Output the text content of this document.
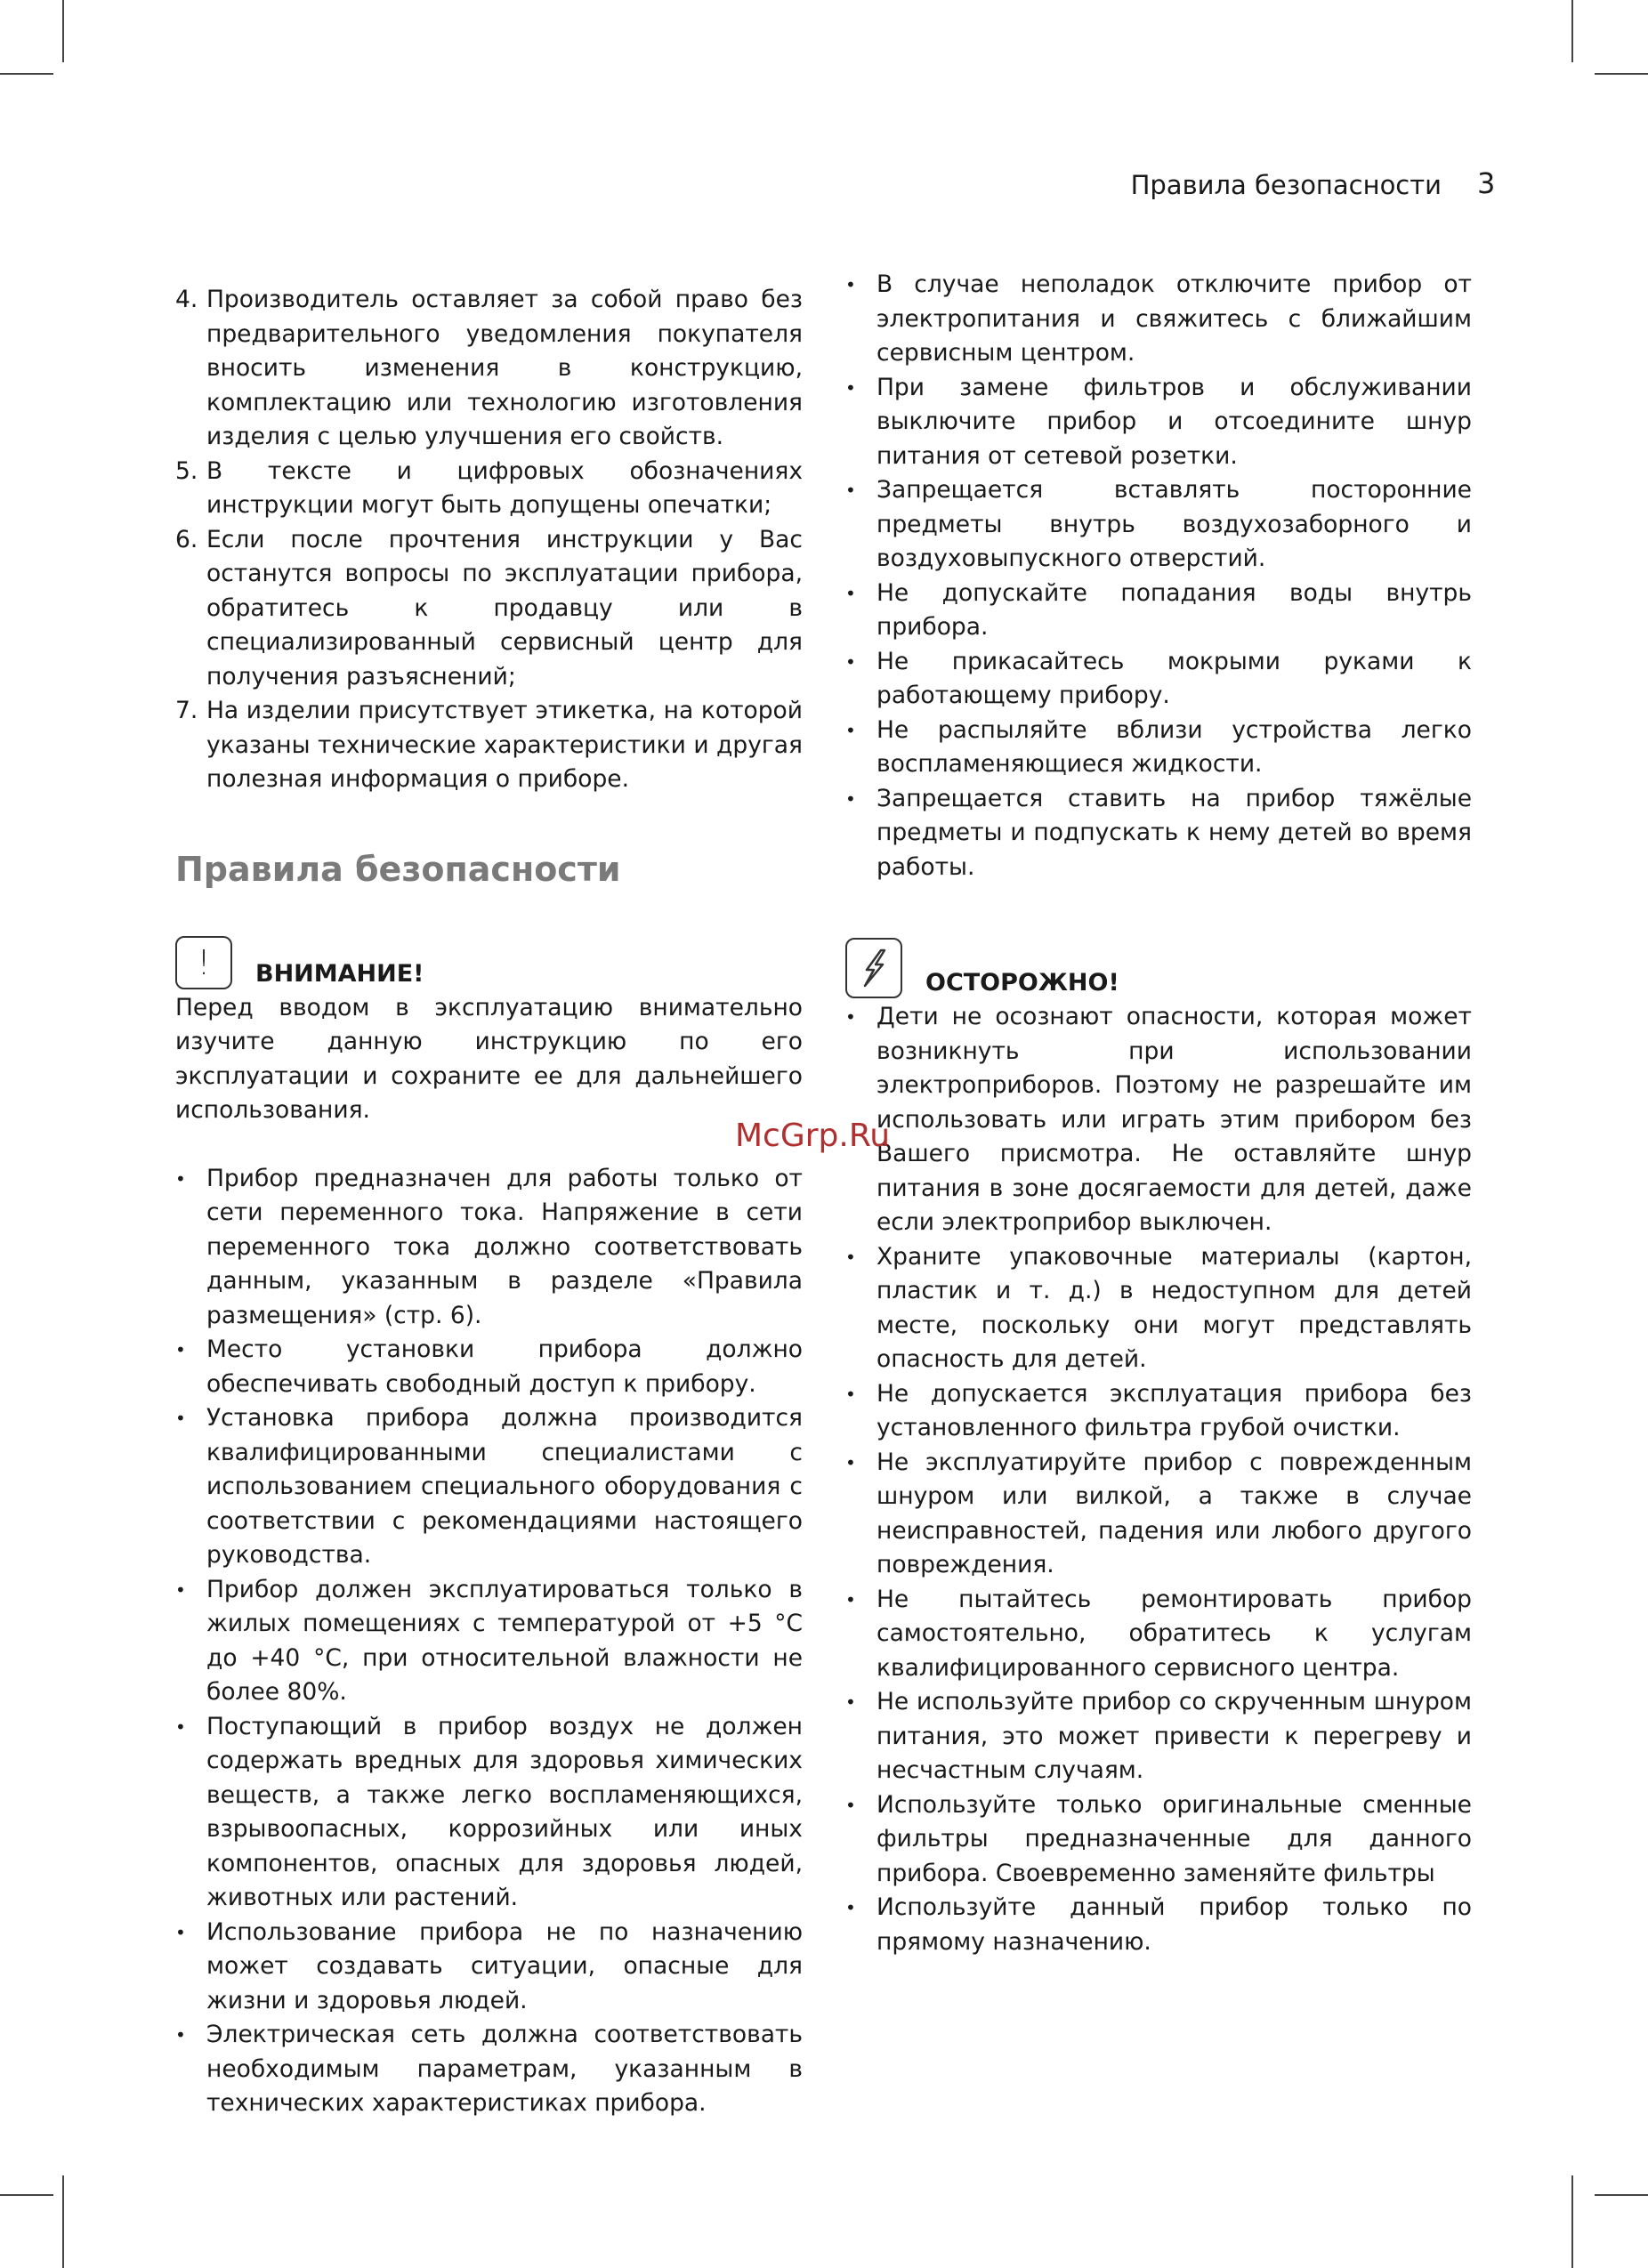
Правила безопасности 3
4. Производитель оставляет за собой право без предварительного уведомления покупателя вносить изменения в конструкцию, комплектацию или технологию изготовления изделия с целью улучшения его свойств.
5. В тексте и цифровых обозначениях инструкции могут быть допущены опечатки;
6. Если после прочтения инструкции у Вас останутся вопросы по эксплуатации прибора, обратитесь к продавцу или в специализированный сервисный центр для получения разъяснений;
7. На изделии присутствует этикетка, на которой указаны технические характеристики и другая полезная информация о приборе.
Правила безопасности
! ВНИМАНИЕ!
Перед вводом в эксплуатацию внимательно изучите данную инструкцию по его эксплуатации и сохраните ее для дальнейшего использования.
• Прибор предназначен для работы только от сети переменного тока. Напряжение в сети переменного тока должно соответствовать данным, указанным в разделе «Правила размещения» (стр. 6).
• Место установки прибора должно обеспечивать свободный доступ к прибору.
• Установка прибора должна производится квалифицированными специалистами с использованием специального оборудования с соответствии с рекомендациями настоящего руководства.
• Прибор должен эксплуатироваться только в жилых помещениях с температурой от +5 °С до +40 °С, при относительной влажности не более 80%.
• Поступающий в прибор воздух не должен содержать вредных для здоровья химических веществ, а также легко воспламеняющихся, взрывоопасных, коррозийных или иных компонентов, опасных для здоровья людей, животных или растений.
• Использование прибора не по назначению может создавать ситуации, опасные для жизни и здоровья людей.
• Электрическая сеть должна соответствовать необходимым параметрам, указанным в технических характеристиках прибора.
• В случае неполадок отключите прибор от электропитания и свяжитесь с ближайшим сервисным центром.
• При замене фильтров и обслуживании выключите прибор и отсоедините шнур питания от сетевой розетки.
• Запрещается вставлять посторонние предметы внутрь воздухозаборного и воздуховыпускного отверстий.
• Не допускайте попадания воды внутрь прибора.
• Не прикасайтесь мокрыми руками к работающему прибору.
• Не распыляйте вблизи устройства легко воспламеняющиеся жидкости.
• Запрещается ставить на прибор тяжёлые предметы и подпускать к нему детей во время работы.
ОСТОРОЖНО!
• Дети не осознают опасности, которая может возникнуть при использовании электроприборов. Поэтому не разрешайте им использовать или играть этим прибором без Вашего присмотра. Не оставляйте шнур питания в зоне досягаемости для детей, даже если электроприбор выключен.
• Храните упаковочные материалы (картон, пластик и т. д.) в недоступном для детей месте, поскольку они могут представлять опасность для детей.
• Не допускается эксплуатация прибора без установленного фильтра грубой очистки.
• Не эксплуатируйте прибор с поврежденным шнуром или вилкой, а также в случае неисправностей, падения или любого другого повреждения.
• Не пытайтесь ремонтировать прибор самостоятельно, обратитесь к услугам квалифицированного сервисного центра.
• Не используйте прибор со скрученным шнуром питания, это может привести к перегреву и несчастным случаям.
• Используйте только оригинальные сменные фильтры предназначенные для данного прибора. Своевременно заменяйте фильтры
• Используйте данный прибор только по прямому назначению.
McGrp.Ru
